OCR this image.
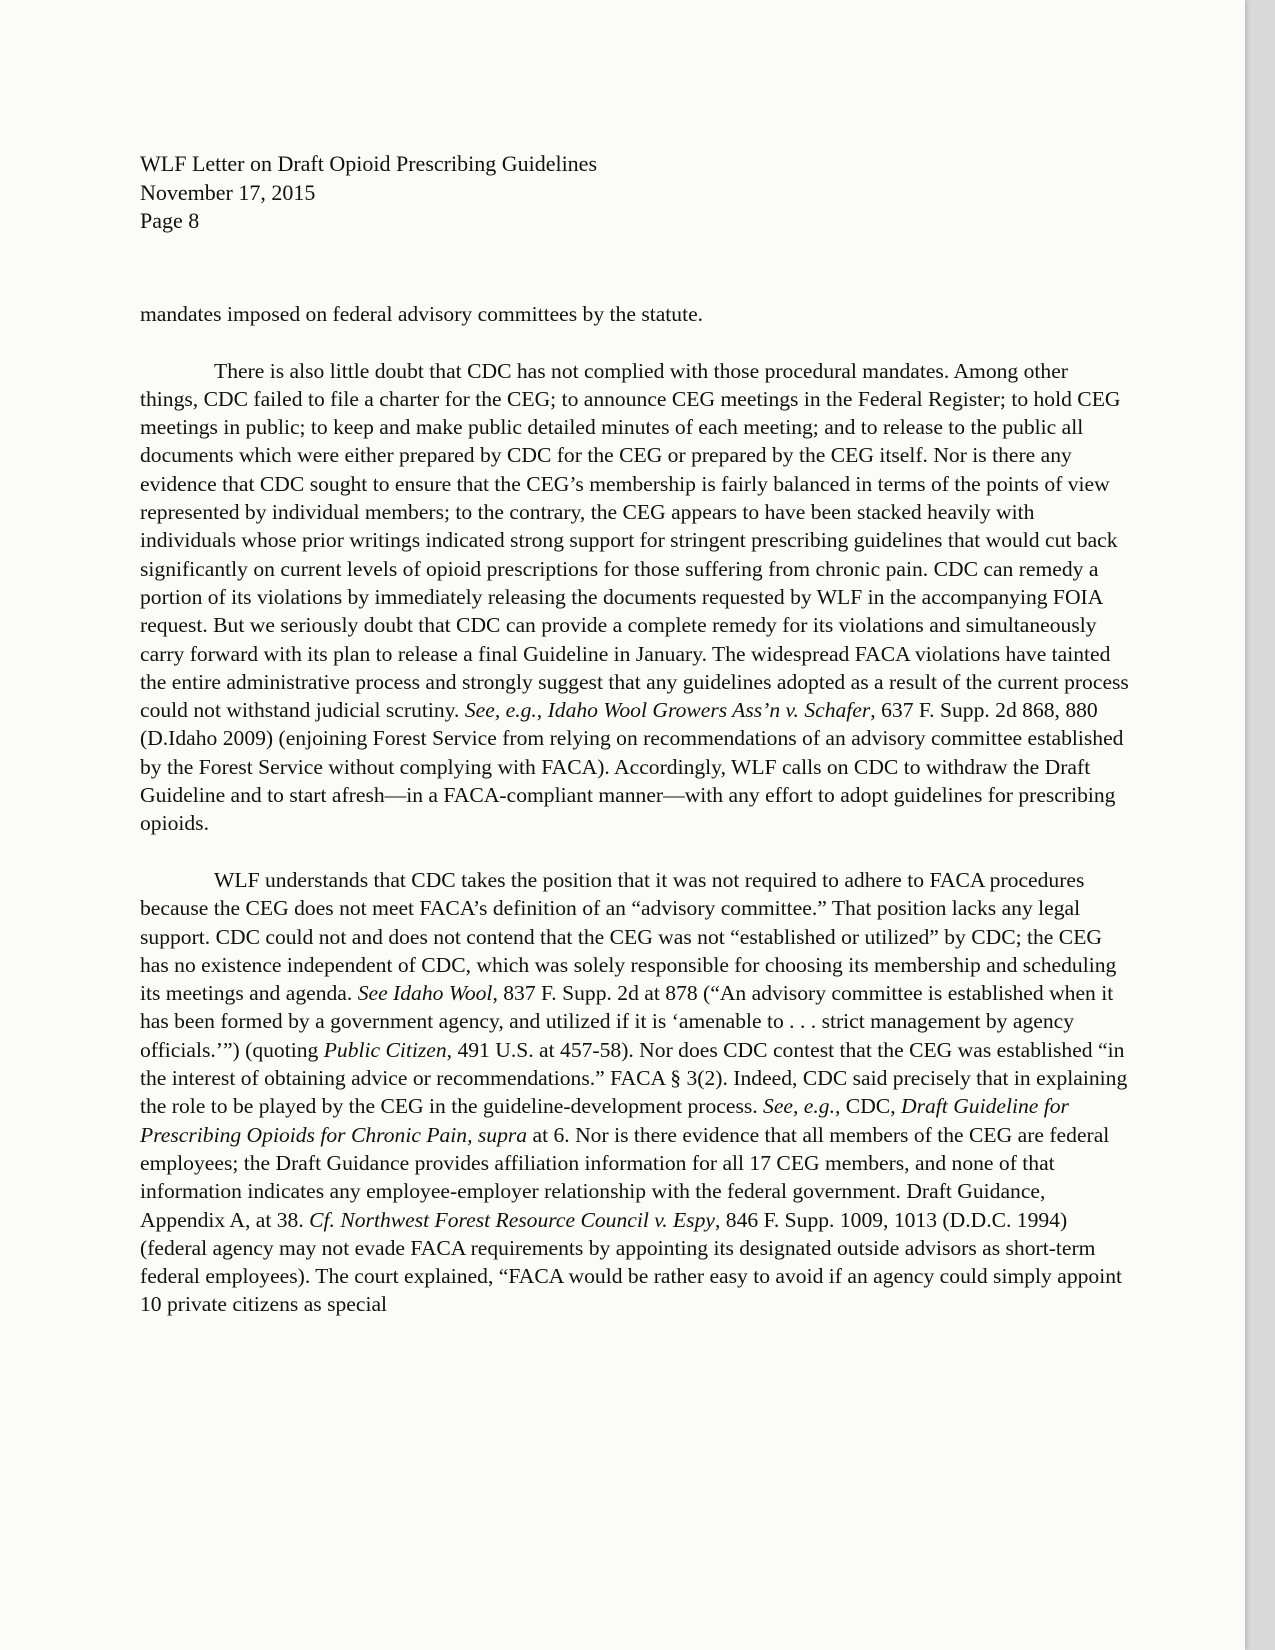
WLF Letter on Draft Opioid Prescribing Guidelines
November 17, 2015
Page 8

mandates imposed on federal advisory committees by the statute.

There is also little doubt that CDC has not complied with those procedural mandates. Among other things, CDC failed to file a charter for the CEG; to announce CEG meetings in the Federal Register; to hold CEG meetings in public; to keep and make public detailed minutes of each meeting; and to release to the public all documents which were either prepared by CDC for the CEG or prepared by the CEG itself. Nor is there any evidence that CDC sought to ensure that the CEG’s membership is fairly balanced in terms of the points of view represented by individual members; to the contrary, the CEG appears to have been stacked heavily with individuals whose prior writings indicated strong support for stringent prescribing guidelines that would cut back significantly on current levels of opioid prescriptions for those suffering from chronic pain. CDC can remedy a portion of its violations by immediately releasing the documents requested by WLF in the accompanying FOIA request. But we seriously doubt that CDC can provide a complete remedy for its violations and simultaneously carry forward with its plan to release a final Guideline in January. The widespread FACA violations have tainted the entire administrative process and strongly suggest that any guidelines adopted as a result of the current process could not withstand judicial scrutiny. See, e.g., Idaho Wool Growers Ass’n v. Schafer, 637 F. Supp. 2d 868, 880 (D.Idaho 2009) (enjoining Forest Service from relying on recommendations of an advisory committee established by the Forest Service without complying with FACA). Accordingly, WLF calls on CDC to withdraw the Draft Guideline and to start afresh—in a FACA-compliant manner—with any effort to adopt guidelines for prescribing opioids.

WLF understands that CDC takes the position that it was not required to adhere to FACA procedures because the CEG does not meet FACA’s definition of an “advisory committee.” That position lacks any legal support. CDC could not and does not contend that the CEG was not “established or utilized” by CDC; the CEG has no existence independent of CDC, which was solely responsible for choosing its membership and scheduling its meetings and agenda. See Idaho Wool, 837 F. Supp. 2d at 878 (“An advisory committee is established when it has been formed by a government agency, and utilized if it is ‘amenable to . . . strict management by agency officials.’”) (quoting Public Citizen, 491 U.S. at 457-58). Nor does CDC contest that the CEG was established “in the interest of obtaining advice or recommendations.” FACA § 3(2). Indeed, CDC said precisely that in explaining the role to be played by the CEG in the guideline-development process. See, e.g., CDC, Draft Guideline for Prescribing Opioids for Chronic Pain, supra at 6. Nor is there evidence that all members of the CEG are federal employees; the Draft Guidance provides affiliation information for all 17 CEG members, and none of that information indicates any employee-employer relationship with the federal government. Draft Guidance, Appendix A, at 38. Cf. Northwest Forest Resource Council v. Espy, 846 F. Supp. 1009, 1013 (D.D.C. 1994) (federal agency may not evade FACA requirements by appointing its designated outside advisors as short-term federal employees). The court explained, “FACA would be rather easy to avoid if an agency could simply appoint 10 private citizens as special
